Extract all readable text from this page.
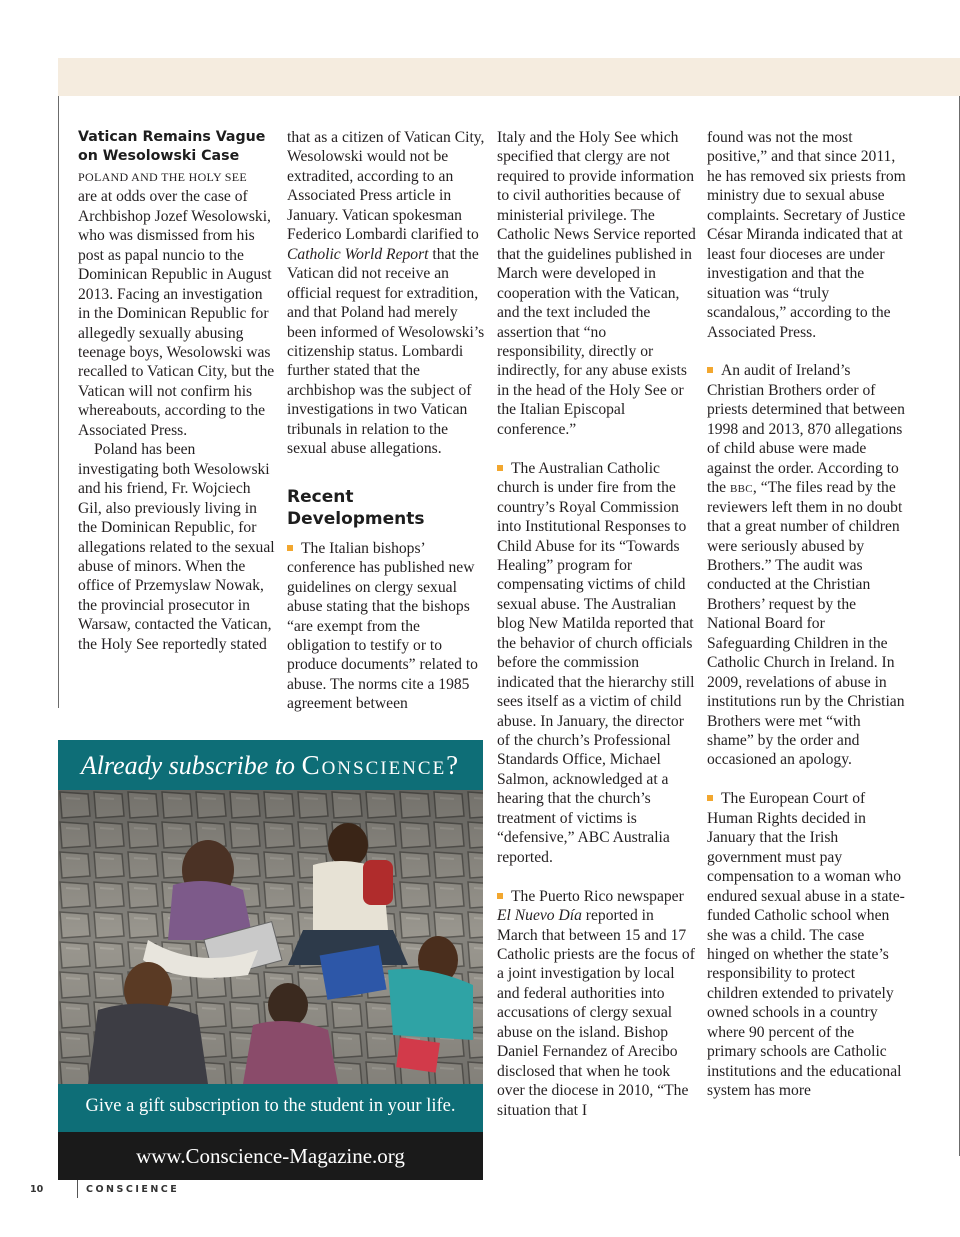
Vatican Remains Vague on Wesolowski Case

POLAND AND THE HOLY SEE
are at odds over the case of Archbishop Jozef Wesolowski, who was dismissed from his post as papal nuncio to the Dominican Republic in August 2013. Facing an investigation in the Dominican Republic for allegedly sexually abusing teenage boys, Wesolowski was recalled to Vatican City, but the Vatican will not confirm his whereabouts, according to the Associated Press.

Poland has been investigating both Wesolowski and his friend, Fr. Wojciech Gil, also previously living in the Dominican Republic, for allegations related to the sexual abuse of minors. When the office of Przemyslaw Nowak, the provincial prosecutor in Warsaw, contacted the Vatican, the Holy See reportedly stated

that as a citizen of Vatican City, Wesolowski would not be extradited, according to an Associated Press article in January. Vatican spokesman Federico Lombardi clarified to Catholic World Report that the Vatican did not receive an official request for extradition, and that Poland had merely been informed of Wesolowski’s citizenship status. Lombardi further stated that the archbishop was the subject of investigations in two Vatican tribunals in relation to the sexual abuse allegations.

Recent Developments

The Italian bishops’ conference has published new guidelines on clergy sexual abuse stating that the bishops “are exempt from the obligation to testify or to produce documents” related to abuse. The norms cite a 1985 agreement between

Italy and the Holy See which specified that clergy are not required to provide information to civil authorities because of ministerial privilege. The Catholic News Service reported that the guidelines published in March were developed in cooperation with the Vatican, and the text included the assertion that “no responsibility, directly or indirectly, for any abuse exists in the head of the Holy See or the Italian Episcopal conference.”

The Australian Catholic church is under fire from the country’s Royal Commission into Institutional Responses to Child Abuse for its “Towards Healing” program for compensating victims of child sexual abuse. The Australian blog New Matilda reported that the behavior of church officials before the commission indicated that the hierarchy still sees itself as a victim of child abuse. In January, the director of the church’s Professional Standards Office, Michael Salmon, acknowledged at a hearing that the church’s treatment of victims is “defensive,” ABC Australia reported.

The Puerto Rico newspaper El Nuevo Día reported in March that between 15 and 17 Catholic priests are the focus of a joint investigation by local and federal authorities into accusations of clergy sexual abuse on the island. Bishop Daniel Fernandez of Arecibo disclosed that when he took over the diocese in 2010, “The situation that I

found was not the most positive,” and that since 2011, he has removed six priests from ministry due to sexual abuse complaints. Secretary of Justice César Miranda indicated that at least four dioceses are under investigation and that the situation was “truly scandalous,” according to the Associated Press.

An audit of Ireland’s Christian Brothers order of priests determined that between 1998 and 2013, 870 allegations of child abuse were made against the order. According to the bbc, “The files read by the reviewers left them in no doubt that a great number of children were seriously abused by Brothers.” The audit was conducted at the Christian Brothers’ request by the National Board for Safeguarding Children in the Catholic Church in Ireland. In 2009, revelations of abuse in institutions run by the Christian Brothers were met “with shame” by the order and occasioned an apology.

The European Court of Human Rights decided in January that the Irish government must pay compensation to a woman who endured sexual abuse in a state-funded Catholic school when she was a child. The case hinged on whether the state’s responsibility to protect children extended to privately owned schools in a country where 90 percent of the primary schools are Catholic institutions and the educational system has more

Already subscribe to Conscience?
Give a gift subscription to the student in your life.
www.Conscience-Magazine.org
10	CONSCIENCE
